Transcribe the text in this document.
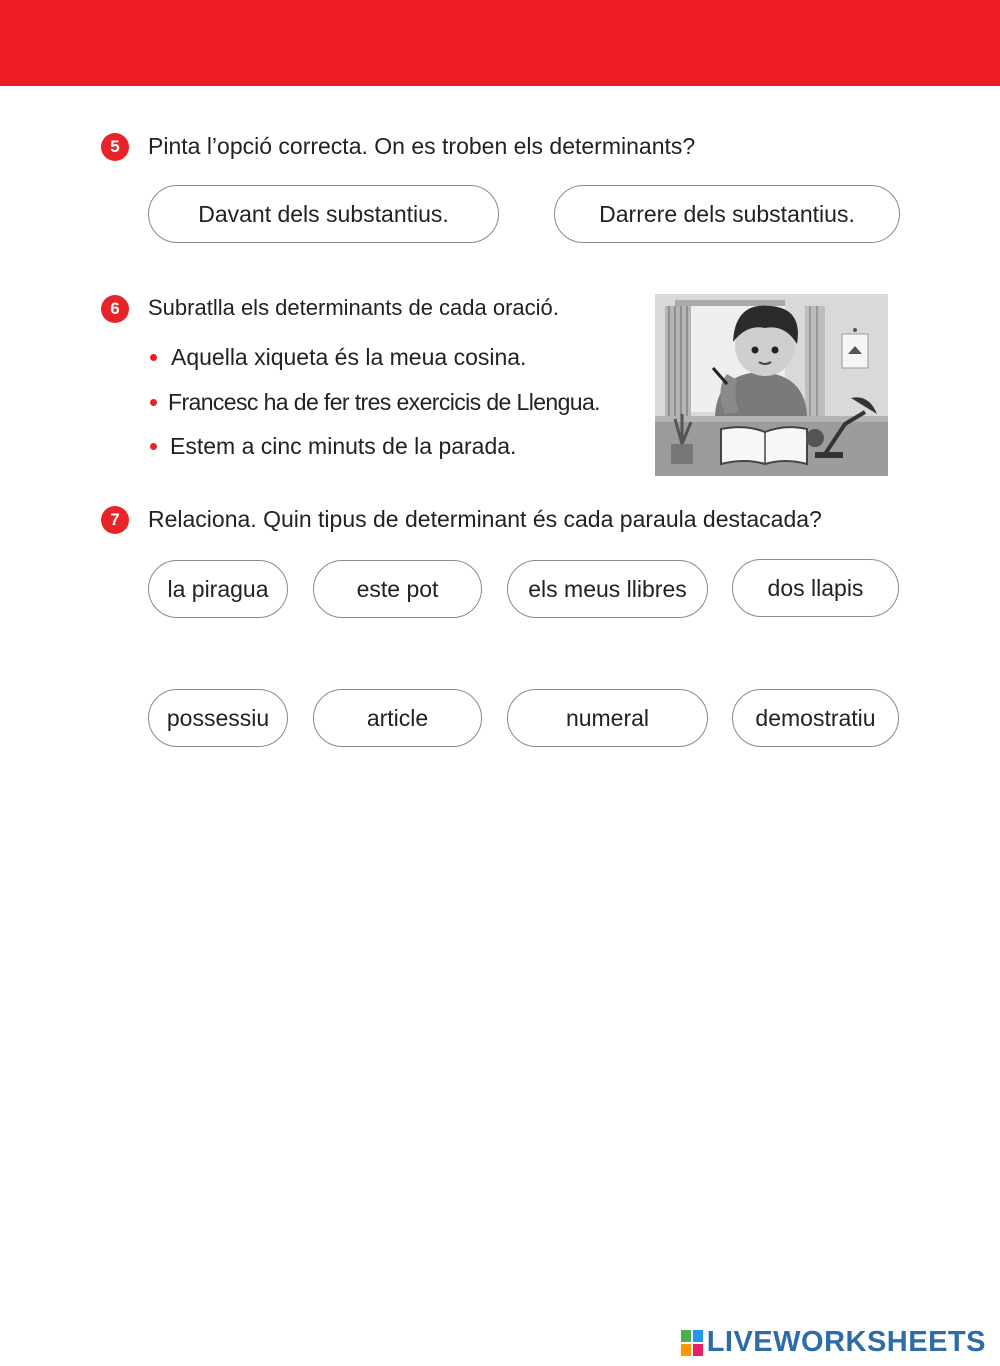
5	Pinta l’opció correcta. On es troben els determinants?
Davant dels substantius.	Darrere dels substantius.
6	Subratlla els determinants de cada oració.
Aquella xiqueta és la meua cosina.
Francesc ha de fer tres exercicis de Llengua.
Estem a cinc minuts de la parada.
7	Relaciona. Quin tipus de determinant és cada paraula destacada?
la piragua	este pot	els meus llibres	dos llapis
possessiu	article	numeral	demostratiu
LIVEWORKSHEETS
